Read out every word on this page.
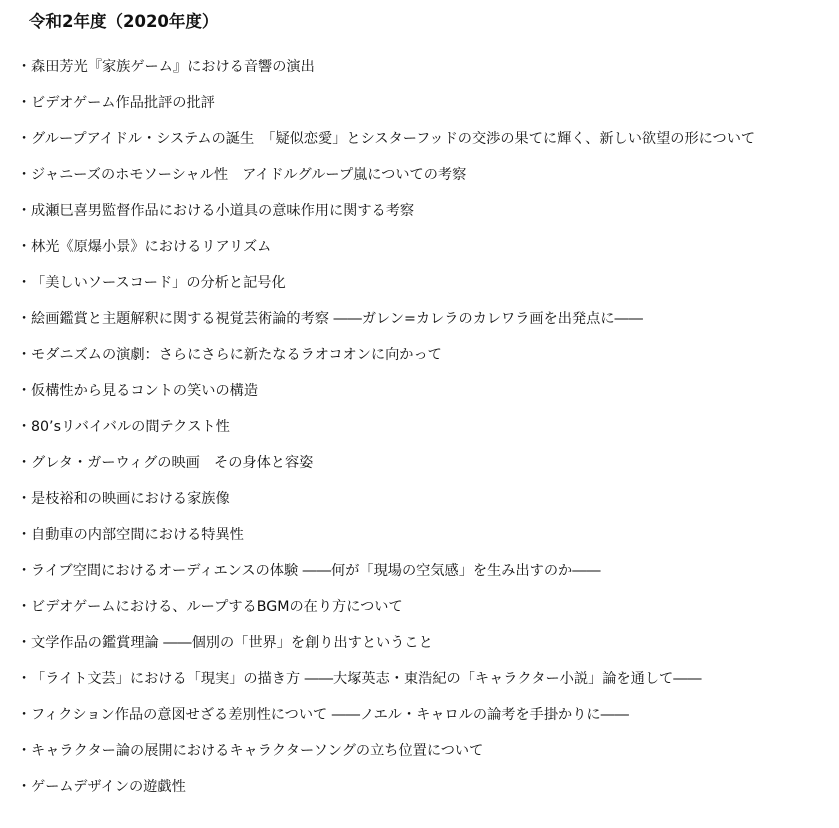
令和2年度（2020年度）
・ 森田芳光『家族ゲーム』における音響の演出
・ ビデオゲーム作品批評の批評
・ グループアイドル・システムの誕生　「疑似恋愛」とシスターフッドの交渉の果てに輝く、新しい欲望の形について
・ ジャニーズのホモソーシャル性　アイドルグループ嵐についての考察
・ 成瀬巳喜男監督作品における小道具の意味作用に関する考察
・ 林光《原爆小景》におけるリアリズム
・ 「美しいソースコード」の分析と記号化
・ 絵画鑑賞と主題解釈に関する視覚芸術論的考察 ――ガレン=カレラのカレワラ画を出発点に――
・ モダニズムの演劇：さらにさらに新たなるラオコオンに向かって
・ 仮構性から見るコントの笑いの構造
・ 80’sリバイバルの間テクスト性
・ グレタ・ガーウィグの映画　その身体と容姿
・ 是枝裕和の映画における家族像
・ 自動車の内部空間における特異性
・ ライブ空間におけるオーディエンスの体験 ――何が「現場の空気感」を生み出すのか――
・ ビデオゲームにおける、ループするBGMの在り方について
・ 文学作品の鑑賞理論 ――個別の「世界」を創り出すということ
・ 「ライト文芸」における「現実」の描き方 ――大塚英志・東浩紀の「キャラクター小説」論を通して――
・ フィクション作品の意図せざる差別性について ――ノエル・キャロルの論考を手掛かりに――
・ キャラクター論の展開におけるキャラクターソングの立ち位置について
・ ゲームデザインの遊戯性
